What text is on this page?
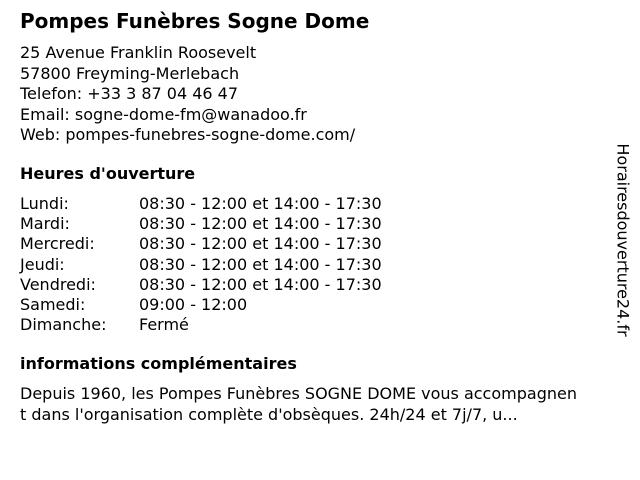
Pompes Funèbres Sogne Dome
25 Avenue Franklin Roosevelt
57800 Freyming-Merlebach
Telefon: +33 3 87 04 46 47
Email: sogne-dome-fm@wanadoo.fr
Web: pompes-funebres-sogne-dome.com/
Heures d'ouverture
Lundi:	08:30 - 12:00 et 14:00 - 17:30
Mardi:	08:30 - 12:00 et 14:00 - 17:30
Mercredi:	08:30 - 12:00 et 14:00 - 17:30
Jeudi:	08:30 - 12:00 et 14:00 - 17:30
Vendredi:	08:30 - 12:00 et 14:00 - 17:30
Samedi:	09:00 - 12:00
Dimanche: Fermé
informations complémentaires
Depuis 1960, les Pompes Funèbres SOGNE DOME vous accompagnen
t dans l'organisation complète d'obsèques. 24h/24 et 7j/7, u...
Horairesdouverture24.fr
